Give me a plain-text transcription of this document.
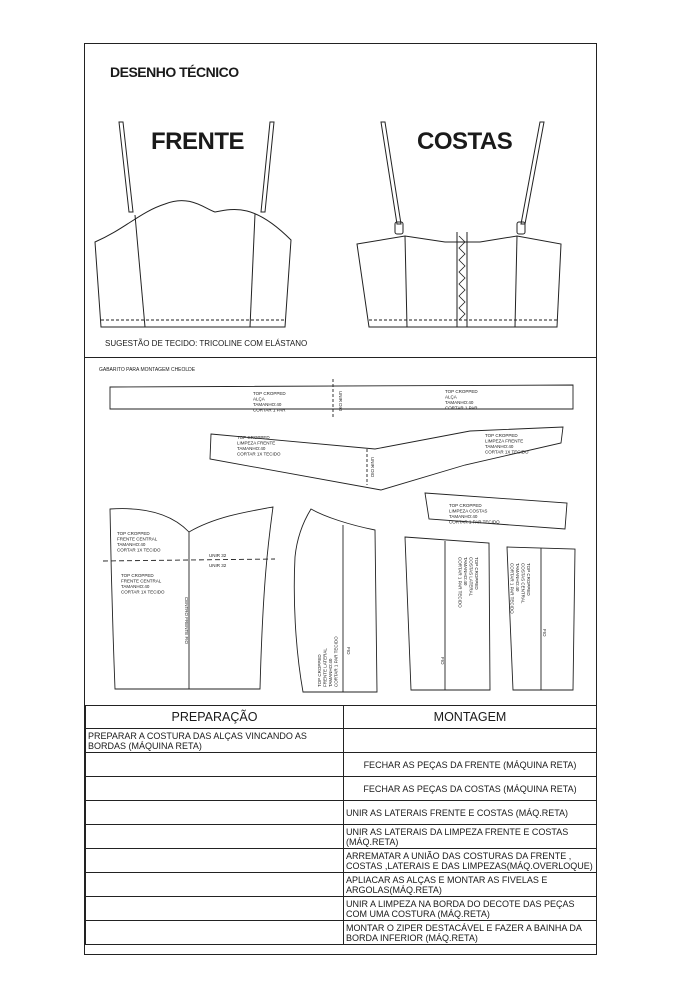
DESENHO TÉCNICO
FRENTE	COSTAS
SUGESTÃO DE TECIDO: TRICOLINE COM ELÁSTANO
GABARITO PARA MONTAGEM CHEOLDE
TOP CROPPED ALÇA TAMANHO:40 CORTAR 1 PAR
TOP CROPPED ALÇA TAMANHO:40 CORTAR 1 PAR
UNIR DIO
TOP CROPPED LIMPEZA FRENTE TAMANHO:40 CORTAR 1X TECIDO
TOP CROPPED LIMPEZA FRENTE TAMANHO:40 CORTAR 1X TECIDO
UNIR DIO
TOP CROPPED LIMPEZA COSTAS TAMANHO:40 CORTAR 1 PAR TECIDO
TOP CROPPED FRENTE CENTRAL TAMANHO:40 CORTAR 1X TECIDO
TOP CROPPED FRENTE CENTRAL TAMANHO:40 CORTAR 1X TECIDO
UNIR 32
UNIR 32
CENTRO FRENTE FIO
TOP CROPPEDFRENTE LATERALTAMANHO:40CORTAR 1 PAR TECIDO FIO
TOP CROPPEDCOSTAS LATERALTAMANHO:40CORTAR 1 PAR TECIDO
FIO
TOP CROPPEDCOSTAS CENTRALTAMANHO:40CORTAR 1 PAR TECIDO
FIO
PREPARAÇÃO	MONTAGEM
PREPARAR A COSTURA DAS ALÇAS VINCANDO AS BORDAS (MÁQUINA RETA)	
	FECHAR AS PEÇAS DA FRENTE (MÁQUINA RETA)
	FECHAR AS PEÇAS DA COSTAS (MÁQUINA RETA)
	UNIR AS LATERAIS FRENTE E COSTAS (MÁQ.RETA)
	UNIR AS LATERAIS DA LIMPEZA FRENTE E COSTAS (MÁQ.RETA)
	ARREMATAR A UNIÃO DAS COSTURAS DA FRENTE , COSTAS ,LATERAIS E DAS LIMPEZAS(MÁQ.OVERLOQUE)
	APLIACAR AS ALÇAS E MONTAR AS FIVELAS E ARGOLAS(MÁQ.RETA)
	UNIR A LIMPEZA NA BORDA DO DECOTE DAS PEÇAS COM UMA COSTURA (MÁQ.RETA)
	MONTAR O ZIPER DESTACÁVEL E FAZER A BAINHA DA BORDA INFERIOR (MÁQ.RETA)
